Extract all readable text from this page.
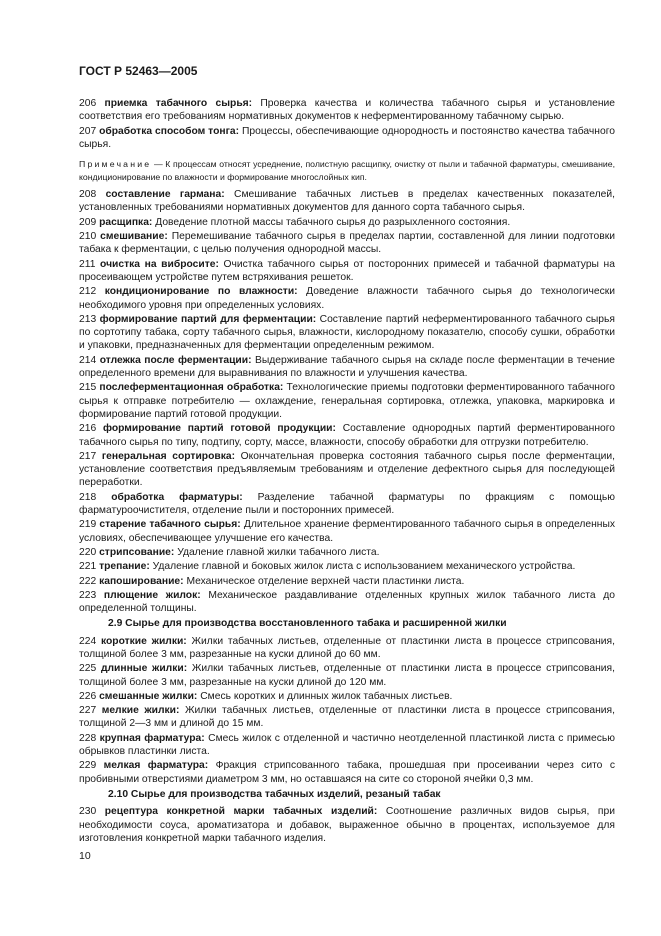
ГОСТ Р 52463—2005

206 приемка табачного сырья: Проверка качества и количества табачного сырья и установление соответствия его требованиям нормативных документов к неферментированному табачному сырью.

207 обработка способом тонга: Процессы, обеспечивающие однородность и постоянство качества табачного сырья.

Примечание — К процессам относят усреднение, полистную расщипку, очистку от пыли и табачной фарматуры, смешивание, кондиционирование по влажности и формирование многослойных кип.

208 составление гармана: Смешивание табачных листьев в пределах качественных показателей, установленных требованиями нормативных документов для данного сорта табачного сырья.

209 расщипка: Доведение плотной массы табачного сырья до разрыхленного состояния.

210 смешивание: Перемешивание табачного сырья в пределах партии, составленной для линии подготовки табака к ферментации, с целью получения однородной массы.

211 очистка на вибросите: Очистка табачного сырья от посторонних примесей и табачной фарматуры на просеивающем устройстве путем встряхивания решеток.

212 кондиционирование по влажности: Доведение влажности табачного сырья до технологически необходимого уровня при определенных условиях.

213 формирование партий для ферментации: Составление партий неферментированного табачного сырья по сортотипу табака, сорту табачного сырья, влажности, кислородному показателю, способу сушки, обработки и упаковки, предназначенных для ферментации определенным режимом.

214 отлежка после ферментации: Выдерживание табачного сырья на складе после ферментации в течение определенного времени для выравнивания по влажности и улучшения качества.

215 послеферментационная обработка: Технологические приемы подготовки ферментированного табачного сырья к отправке потребителю — охлаждение, генеральная сортировка, отлежка, упаковка, маркировка и формирование партий готовой продукции.

216 формирование партий готовой продукции: Составление однородных партий ферментированного табачного сырья по типу, подтипу, сорту, массе, влажности, способу обработки для отгрузки потребителю.

217 генеральная сортировка: Окончательная проверка состояния табачного сырья после ферментации, установление соответствия предъявляемым требованиям и отделение дефектного сырья для последующей переработки.

218 обработка фарматуры: Разделение табачной фарматуры по фракциям с помощью фарматуроочистителя, отделение пыли и посторонних примесей.

219 старение табачного сырья: Длительное хранение ферментированного табачного сырья в определенных условиях, обеспечивающее улучшение его качества.

220 стрипсование: Удаление главной жилки табачного листа.

221 трепание: Удаление главной и боковых жилок листа с использованием механического устройства.

222 капоширование: Механическое отделение верхней части пластинки листа.

223 плющение жилок: Механическое раздавливание отделенных крупных жилок табачного листа до определенной толщины.

2.9 Сырье для производства восстановленного табака и расширенной жилки

224 короткие жилки: Жилки табачных листьев, отделенные от пластинки листа в процессе стрипсования, толщиной более 3 мм, разрезанные на куски длиной до 60 мм.

225 длинные жилки: Жилки табачных листьев, отделенные от пластинки листа в процессе стрипсования, толщиной более 3 мм, разрезанные на куски длиной до 120 мм.

226 смешанные жилки: Смесь коротких и длинных жилок табачных листьев.

227 мелкие жилки: Жилки табачных листьев, отделенные от пластинки листа в процессе стрипсования, толщиной 2—3 мм и длиной до 15 мм.

228 крупная фарматура: Смесь жилок с отделенной и частично неотделенной пластинкой листа с примесью обрывков пластинки листа.

229 мелкая фарматура: Фракция стрипсованного табака, прошедшая при просеивании через сито с пробивными отверстиями диаметром 3 мм, но оставшаяся на сите со стороной ячейки 0,3 мм.

2.10 Сырье для производства табачных изделий, резаный табак

230 рецептура конкретной марки табачных изделий: Соотношение различных видов сырья, при необходимости соуса, ароматизатора и добавок, выраженное обычно в процентах, используемое для изготовления конкретной марки табачного изделия.

10
